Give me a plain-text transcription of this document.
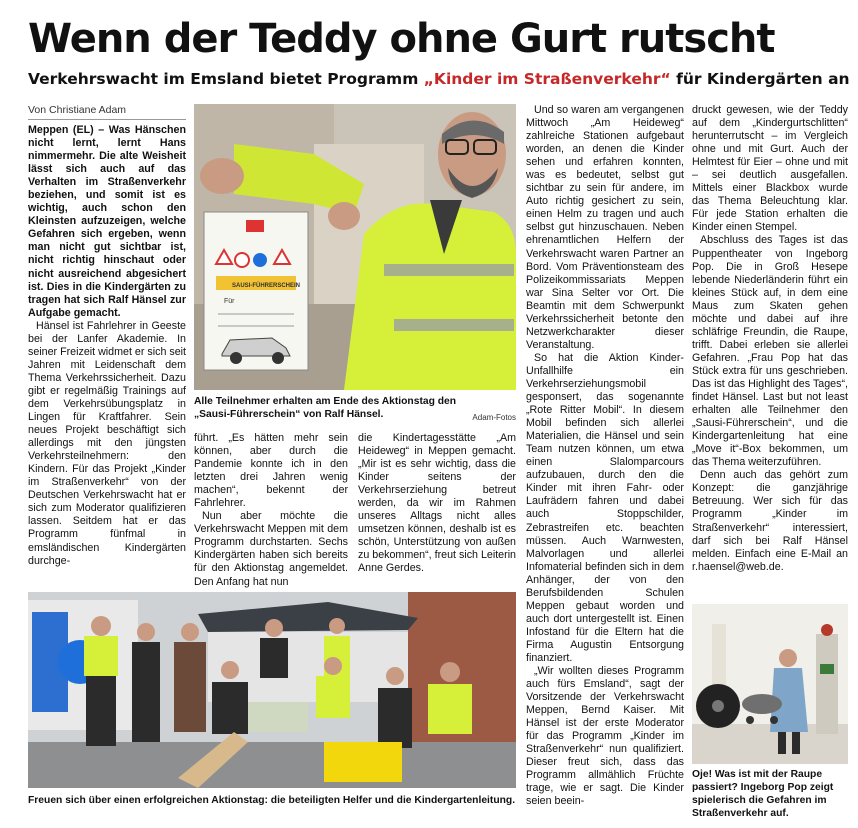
Wenn der Teddy ohne Gurt rutscht
Verkehrswacht im Emsland bietet Programm „Kinder im Straßenverkehr“ für Kindergärten an
Von Christiane Adam

Meppen (EL) – Was Hänschen nicht lernt, lernt Hans nimmermehr. Die alte Weisheit lässt sich auch auf das Verhalten im Straßenverkehr beziehen, und somit ist es wichtig, auch schon den Kleinsten aufzuzeigen, welche Gefahren sich ergeben, wenn man nicht gut sichtbar ist, nicht richtig hinschaut oder nicht ausreichend abgesichert ist. Dies in die Kindergärten zu tragen hat sich Ralf Hänsel zur Aufgabe gemacht.

Hänsel ist Fahrlehrer in Geeste bei der Lanfer Akademie. In seiner Freizeit widmet er sich seit Jahren mit Leidenschaft dem Thema Verkehrssicherheit. Dazu gibt er regelmäßig Trainings auf dem Verkehrsübungsplatz in Lingen für Kraftfahrer. Sein neues Projekt beschäftigt sich allerdings mit den jüngsten Verkehrsteilnehmern: den Kindern. Für das Projekt „Kinder im Straßenverkehr“ von der Deutschen Verkehrswacht hat er sich zum Moderator qualifizieren lassen. Seitdem hat er das Programm fünfmal in emsländischen Kindergärten durchge-

SAUSI-FÜHRERSCHEIN
Für
Alle Teilnehmer erhalten am Ende des Aktionstag den „Sausi-Führerschein“ von Ralf Hänsel.	Adam-Fotos

führt. „Es hätten mehr sein können, aber durch die Pandemie konnte ich in den letzten drei Jahren wenig machen“, bekennt der Fahrlehrer.

Nun aber möchte die Verkehrswacht Meppen mit dem Programm durchstarten. Sechs Kindergärten haben sich bereits für den Aktionstag angemeldet. Den Anfang hat nun

die Kindertagesstätte „Am Heideweg“ in Meppen gemacht. „Mir ist es sehr wichtig, dass die Kinder seitens der Verkehrserziehung betreut werden, da wir im Rahmen unseres Alltags nicht alles umsetzen können, deshalb ist es schön, Unterstützung von außen zu bekommen“, freut sich Leiterin Anne Gerdes.

Und so waren am vergangenen Mittwoch „Am Heideweg“ zahlreiche Stationen aufgebaut worden, an denen die Kinder sehen und erfahren konnten, was es bedeutet, selbst gut sichtbar zu sein für andere, im Auto richtig gesichert zu sein, einen Helm zu tragen und auch selbst gut hinzuschauen. Neben ehrenamtlichen Helfern der Verkehrswacht waren Partner an Bord. Vom Präventionsteam des Polizeikommissariats Meppen war Sina Selter vor Ort. Die Beamtin mit dem Schwerpunkt Verkehrssicherheit betonte den Netzwerkcharakter dieser Veranstaltung.

So hat die Aktion Kinder-Unfallhilfe ein Verkehrserziehungsmobil gesponsert, das sogenannte „Rote Ritter Mobil“. In diesem Mobil befinden sich allerlei Materialien, die Hänsel und sein Team nutzen können, um etwa einen Slalomparcours aufzubauen, durch den die Kinder mit ihren Fahr- oder Laufrädern fahren und dabei auch Stoppschilder, Zebrastreifen etc. beachten müssen. Auch Warnwesten, Malvorlagen und allerlei Infomaterial befinden sich in dem Anhänger, der von den Berufsbildenden Schulen Meppen gebaut worden und auch dort untergestellt ist. Einen Infostand für die Eltern hat die Firma Augustin Entsorgung finanziert.

„Wir wollten dieses Programm auch fürs Emsland“, sagt der Vorsitzende der Verkehrswacht Meppen, Bernd Kaiser. Mit Hänsel ist der erste Moderator für das Programm „Kinder im Straßenverkehr“ nun qualifiziert. Dieser freut sich, dass das Programm allmählich Früchte trage, wie er sagt. Die Kinder seien beein-

druckt gewesen, wie der Teddy auf dem „Kindergurtschlitten“ herunterrutscht – im Vergleich ohne und mit Gurt. Auch der Helmtest für Eier – ohne und mit – sei deutlich ausgefallen. Mittels einer Blackbox wurde das Thema Beleuchtung klar. Für jede Station erhalten die Kinder einen Stempel.

Abschluss des Tages ist das Puppentheater von Ingeborg Pop. Die in Groß Hesepe lebende Niederländerin führt ein kleines Stück auf, in dem eine Maus zum Skaten gehen möchte und dabei auf ihre schläfrige Freundin, die Raupe, trifft. Dabei erleben sie allerlei Gefahren. „Frau Pop hat das Stück extra für uns geschrieben. Das ist das Highlight des Tages“, findet Hänsel. Last but not least erhalten alle Teilnehmer den „Sausi-Führerschein“, und die Kindergartenleitung hat eine „Move it“-Box bekommen, um das Thema weiterzuführen.

Denn auch das gehört zum Konzept: die ganzjährige Betreuung. Wer sich für das Programm „Kinder im Straßenverkehr“ interessiert, darf sich bei Ralf Hänsel melden. Einfach eine E-Mail an r.haensel@web.de.

Freuen sich über einen erfolgreichen Aktionstag: die beteiligten Helfer und die Kindergartenleitung.
Oje! Was ist mit der Raupe passiert? Ingeborg Pop zeigt spielerisch die Gefahren im Straßenverkehr auf.
